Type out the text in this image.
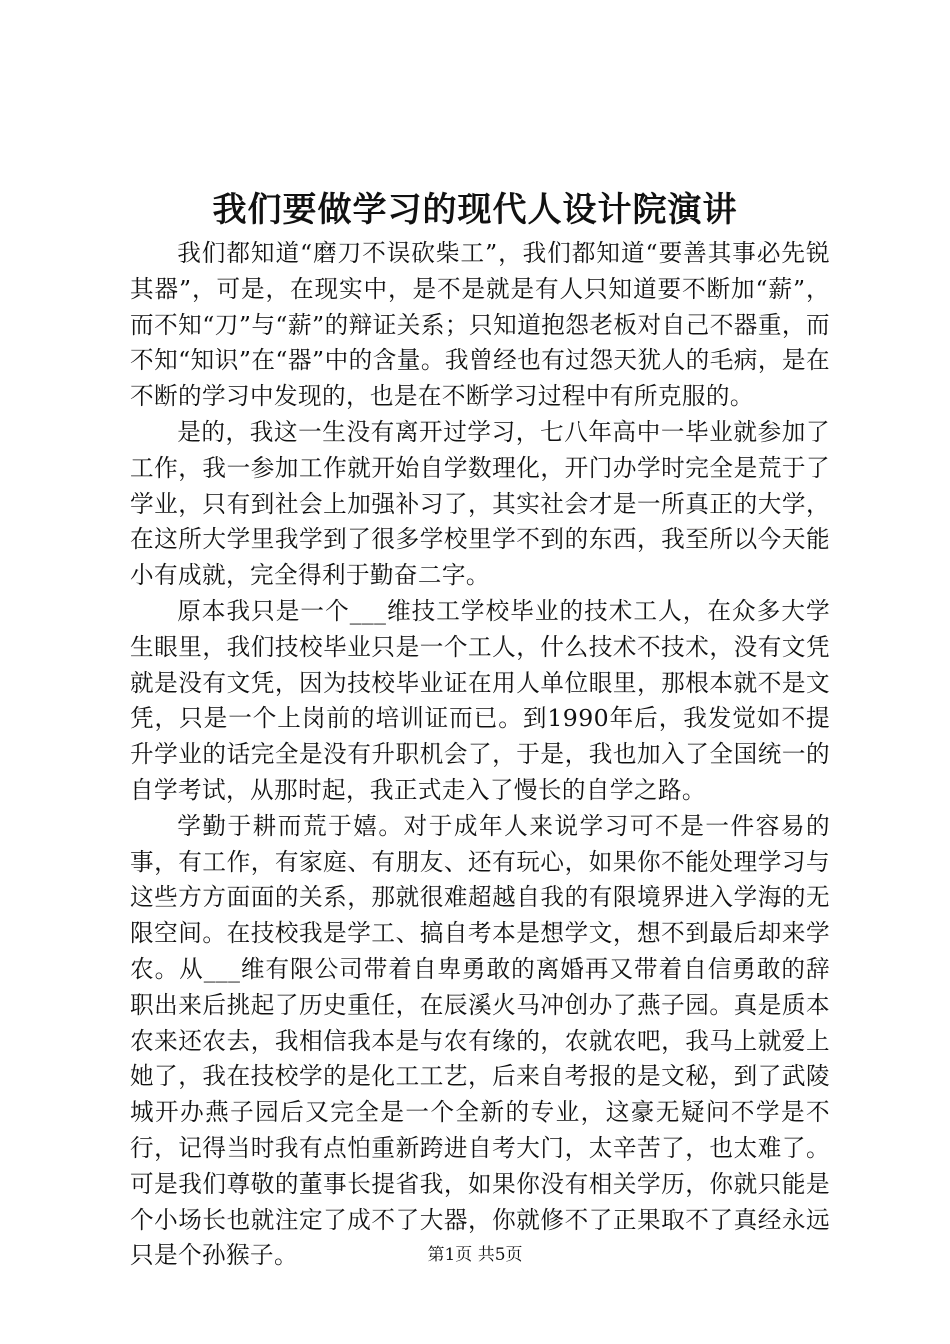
我们要做学习的现代人设计院演讲

我们都知道“磨刀不误砍柴工”，我们都知道“要善其事必先锐其器”，可是，在现实中，是不是就是有人只知道要不断加“薪”，而不知“刀”与“薪”的辩证关系；只知道抱怨老板对自己不器重，而不知“知识”在“器”中的含量。我曾经也有过怨天犹人的毛病，是在不断的学习中发现的，也是在不断学习过程中有所克服的。

是的，我这一生没有离开过学习，七八年高中一毕业就参加了工作，我一参加工作就开始自学数理化，开门办学时完全是荒于了学业，只有到社会上加强补习了，其实社会才是一所真正的大学，在这所大学里我学到了很多学校里学不到的东西，我至所以今天能小有成就，完全得利于勤奋二字。

原本我只是一个___维技工学校毕业的技术工人，在众多大学生眼里，我们技校毕业只是一个工人，什么技术不技术，没有文凭就是没有文凭，因为技校毕业证在用人单位眼里，那根本就不是文凭，只是一个上岗前的培训证而已。到1990年后，我发觉如不提升学业的话完全是没有升职机会了，于是，我也加入了全国统一的自学考试，从那时起，我正式走入了慢长的自学之路。

学勤于耕而荒于嬉。对于成年人来说学习可不是一件容易的事，有工作，有家庭、有朋友、还有玩心，如果你不能处理学习与这些方方面面的关系，那就很难超越自我的有限境界进入学海的无限空间。在技校我是学工、搞自考本是想学文，想不到最后却来学农。从___维有限公司带着自卑勇敢的离婚再又带着自信勇敢的辞职出来后挑起了历史重任，在辰溪火马冲创办了燕子园。真是质本农来还农去，我相信我本是与农有缘的，农就农吧，我马上就爱上她了，我在技校学的是化工工艺，后来自考报的是文秘，到了武陵城开办燕子园后又完全是一个全新的专业，这豪无疑问不学是不行，记得当时我有点怕重新跨进自考大门，太辛苦了，也太难了。可是我们尊敬的董事长提省我，如果你没有相关学历，你就只能是个小场长也就注定了成不了大器，你就修不了正果取不了真经永远只是个孙猴子。	第1页 共5页
